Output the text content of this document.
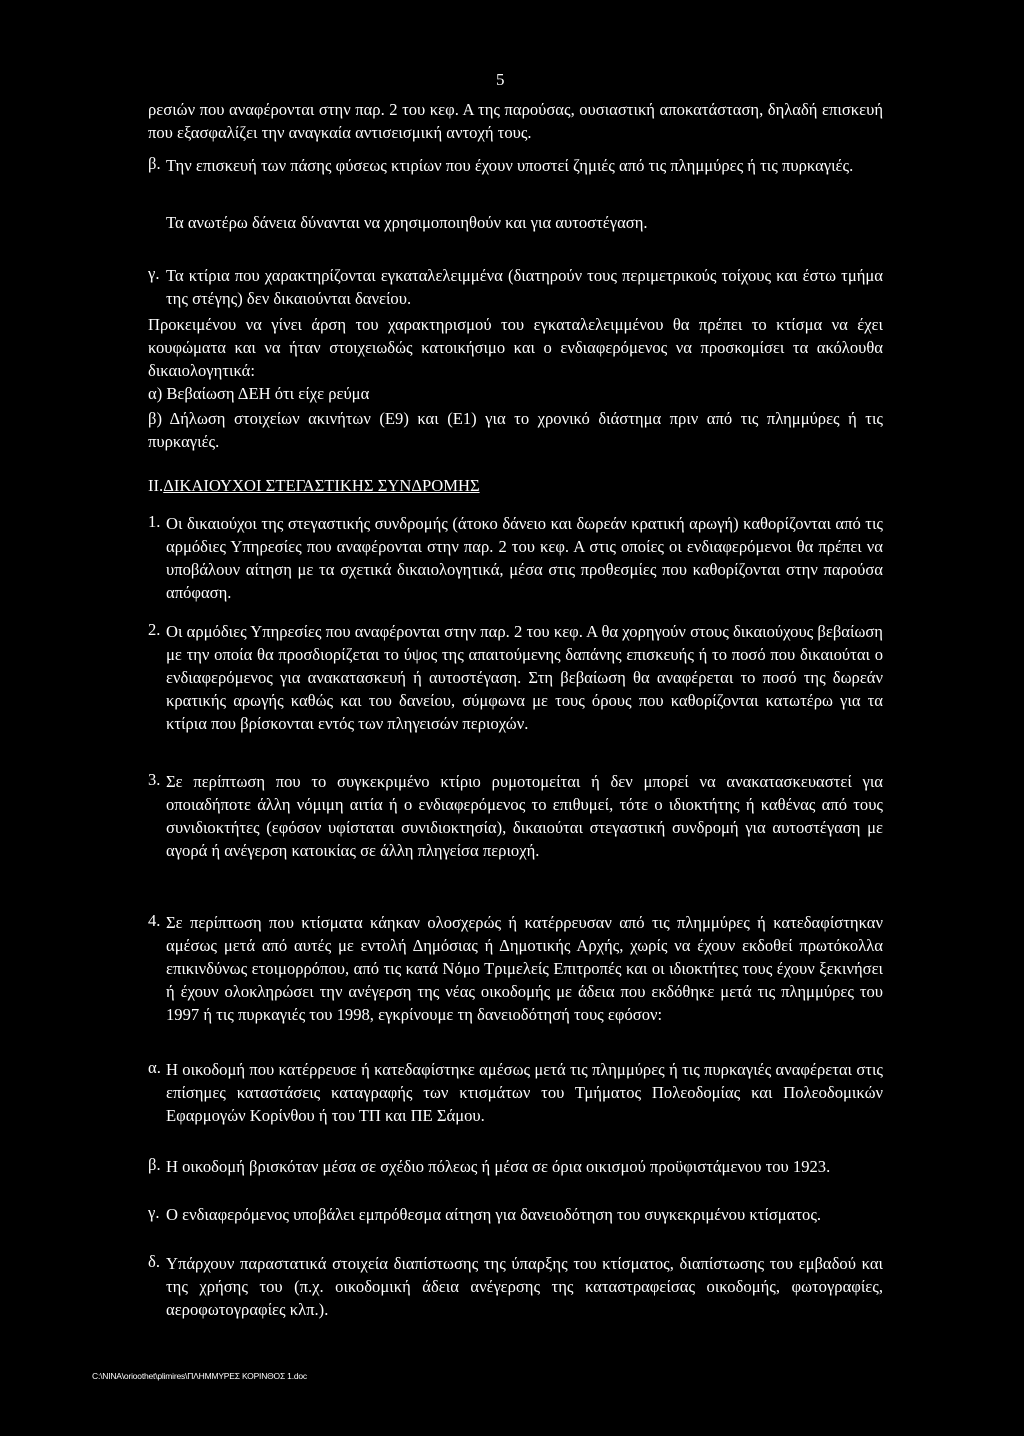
5

ρεσιών που αναφέρονται στην παρ. 2 του κεφ. Α της παρούσας, ουσιαστική αποκατάσταση, δηλαδή επισκευή που εξασφαλίζει την αναγκαία αντισεισμική αντοχή τους.

β. Την επισκευή των πάσης φύσεως κτιρίων που έχουν υποστεί ζημιές από τις πλημμύρες ή τις πυρκαγιές.

Τα ανωτέρω δάνεια δύνανται να χρησιμοποιηθούν και για αυτοστέγαση.

γ. Τα κτίρια που χαρακτηρίζονται εγκαταλελειμμένα (διατηρούν τους περιμετρικούς τοίχους και έστω τμήμα της στέγης) δεν δικαιούνται δανείου.

Προκειμένου να γίνει άρση του χαρακτηρισμού του εγκαταλελειμμένου θα πρέπει το κτίσμα να έχει κουφώματα και να ήταν στοιχειωδώς κατοικήσιμο και ο ενδιαφερόμενος να προσκομίσει τα ακόλουθα δικαιολογητικά:

α) Βεβαίωση ΔΕΗ ότι είχε ρεύμα

β) Δήλωση στοιχείων ακινήτων (Ε9) και (Ε1) για το χρονικό διάστημα πριν από τις πλημμύρες ή τις πυρκαγιές.

ΙΙ.ΔΙΚΑΙΟΥΧΟΙ ΣΤΕΓΑΣΤΙΚΗΣ ΣΥΝΔΡΟΜΗΣ
1. Οι δικαιούχοι της στεγαστικής συνδρομής (άτοκο δάνειο και δωρεάν κρατική αρωγή) καθορίζονται από τις αρμόδιες Υπηρεσίες που αναφέρονται στην παρ. 2 του κεφ. Α στις οποίες οι ενδιαφερόμενοι θα πρέπει να υποβάλουν αίτηση με τα σχετικά δικαιολογητικά, μέσα στις προθεσμίες που καθορίζονται στην παρούσα απόφαση.

2. Οι αρμόδιες Υπηρεσίες που αναφέρονται στην παρ. 2 του κεφ. Α θα χορηγούν στους δικαιούχους βεβαίωση με την οποία θα προσδιορίζεται το ύψος της απαιτούμενης δαπάνης επισκευής ή το ποσό που δικαιούται ο ενδιαφερόμενος για ανακατασκευή ή αυτοστέγαση. Στη βεβαίωση θα αναφέρεται το ποσό της δωρεάν κρατικής αρωγής καθώς και του δανείου, σύμφωνα με τους όρους που καθορίζονται κατωτέρω για τα κτίρια που βρίσκονται εντός των πληγεισών περιοχών.

3. Σε περίπτωση που το συγκεκριμένο κτίριο ρυμοτομείται ή δεν μπορεί να ανακατασκευαστεί για οποιαδήποτε άλλη νόμιμη αιτία ή ο ενδιαφερόμενος το επιθυμεί, τότε ο ιδιοκτήτης ή καθένας από τους συνιδιοκτήτες (εφόσον υφίσταται συνιδιοκτησία), δικαιούται στεγαστική συνδρομή για αυτοστέγαση με αγορά ή ανέγερση κατοικίας σε άλλη πληγείσα περιοχή.

4. Σε περίπτωση που κτίσματα κάηκαν ολοσχερώς ή κατέρρευσαν από τις πλημμύρες ή κατεδαφίστηκαν αμέσως μετά από αυτές με εντολή Δημόσιας ή Δημοτικής Αρχής, χωρίς να έχουν εκδοθεί πρωτόκολλα επικινδύνως ετοιμορρόπου, από τις κατά Νόμο Τριμελείς Επιτροπές και οι ιδιοκτήτες τους έχουν ξεκινήσει ή έχουν ολοκληρώσει την ανέγερση της νέας οικοδομής με άδεια που εκδόθηκε μετά τις πλημμύρες του 1997 ή τις πυρκαγιές του 1998, εγκρίνουμε τη δανειοδότησή τους εφόσον:

α. Η οικοδομή που κατέρρευσε ή κατεδαφίστηκε αμέσως μετά τις πλημμύρες ή τις πυρκαγιές αναφέρεται στις επίσημες καταστάσεις καταγραφής των κτισμάτων του Τμήματος Πολεοδομίας και Πολεοδομικών Εφαρμογών Κορίνθου ή του ΤΠ και ΠΕ Σάμου.

β. Η οικοδομή βρισκόταν μέσα σε σχέδιο πόλεως ή μέσα σε όρια οικισμού προϋφιστάμενου του 1923.

γ. Ο ενδιαφερόμενος υποβάλει εμπρόθεσμα αίτηση για δανειοδότηση του συγκεκριμένου κτίσματος.

δ. Υπάρχουν παραστατικά στοιχεία διαπίστωσης της ύπαρξης του κτίσματος, διαπίστωσης του εμβαδού και της χρήσης του (π.χ. οικοδομική άδεια ανέγερσης της καταστραφείσας οικοδομής, φωτογραφίες, αεροφωτογραφίες κλπ.).

C:\NINA\orioothet\plimires\ΠΛΗΜΜΥΡΕΣ ΚΟΡΙΝΘΟΣ 1.doc
